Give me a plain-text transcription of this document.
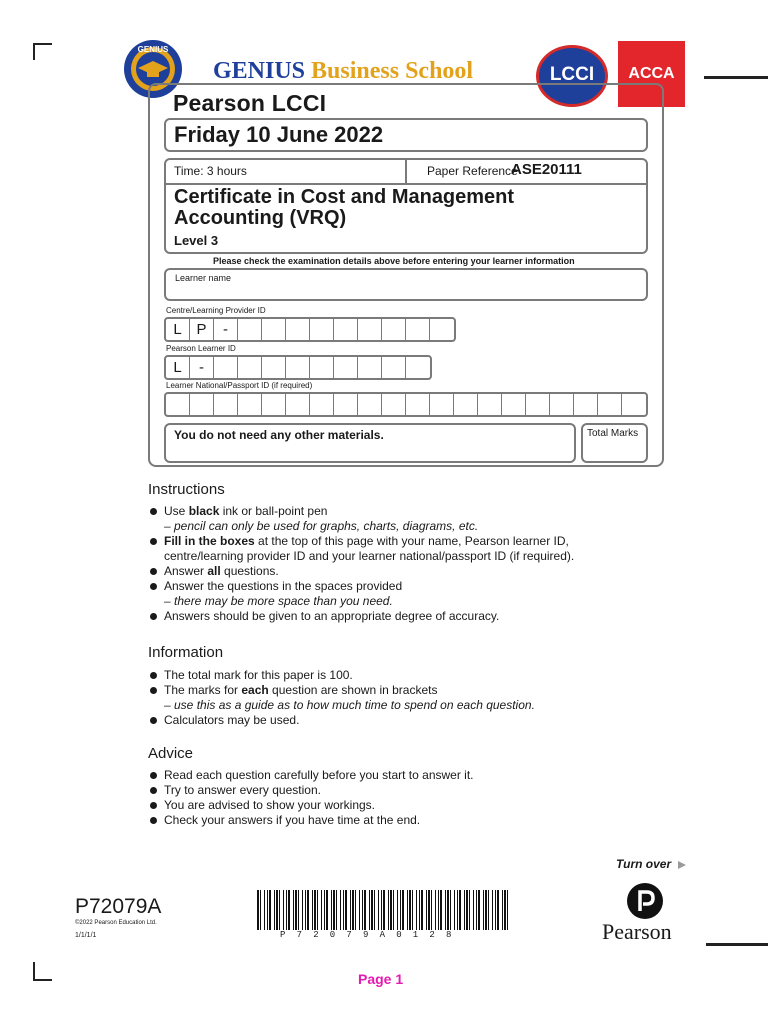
GENIUS
GENIUS Business School	LCCI	ACCA
Pearson LCCI
Friday 10 June 2022
Time: 3 hours	Paper Reference
ASE20111
Certificate in Cost and Management Accounting (VRQ)
Level 3
Please check the examination details above before entering your learner information
Learner name
Centre/Learning Provider ID
L P	-
Pearson Learner ID
L	-
Learner National/Passport ID (if required)
You do not need any other materials.	Total Marks
Instructions
Use black ink or ball-point pen
– pencil can only be used for graphs, charts, diagrams, etc.
Fill in the boxes at the top of this page with your name, Pearson learner ID, centre/learning provider ID and your learner national/passport ID (if required).
Answer all questions.
Answer the questions in the spaces provided
– there may be more space than you need.
Answers should be given to an appropriate degree of accuracy.
Information
The total mark for this paper is 100.
The marks for each question are shown in brackets
– use this as a guide as to how much time to spend on each question.
Calculators may be used.
Advice
Read each question carefully before you start to answer it.
Try to answer every question.
You are advised to show your workings.
Check your answers if you have time at the end.
Turn over
P72079A
©2022 Pearson Education Ltd.
1/1/1/1	P72079A0128	Pearson
Page 1
